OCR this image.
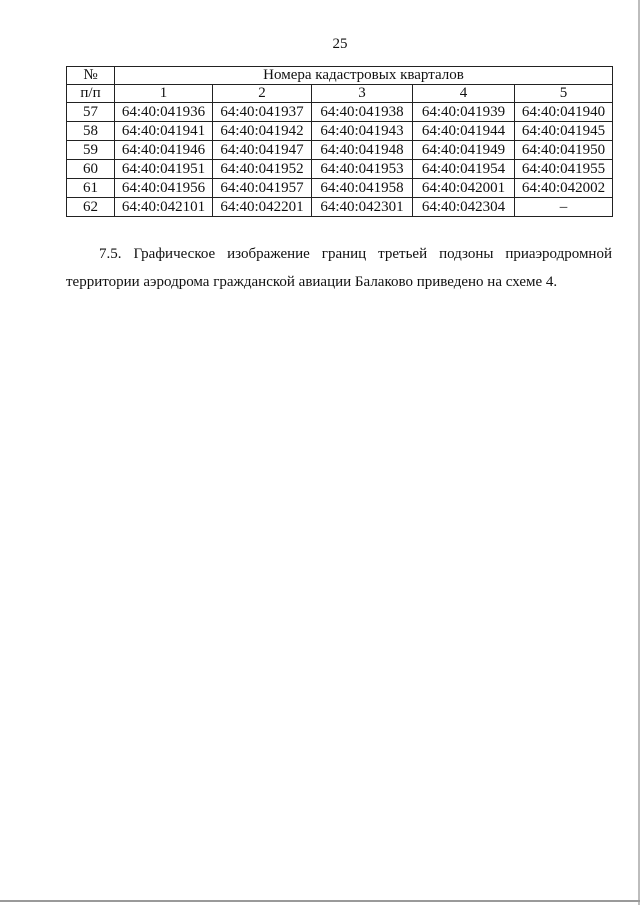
25
№	Номера кадастровых кварталов				
п/п	1	2	3	4	5
57	64:40:041936	64:40:041937	64:40:041938	64:40:041939	64:40:041940
58	64:40:041941	64:40:041942	64:40:041943	64:40:041944	64:40:041945
59	64:40:041946	64:40:041947	64:40:041948	64:40:041949	64:40:041950
60	64:40:041951	64:40:041952	64:40:041953	64:40:041954	64:40:041955
61	64:40:041956	64:40:041957	64:40:041958	64:40:042001	64:40:042002
62	64:40:042101	64:40:042201	64:40:042301	64:40:042304	–

7.5. Графическое изображение границ третьей подзоны приаэродромной территории аэродрома гражданской авиации Балаково приведено на схеме 4.
